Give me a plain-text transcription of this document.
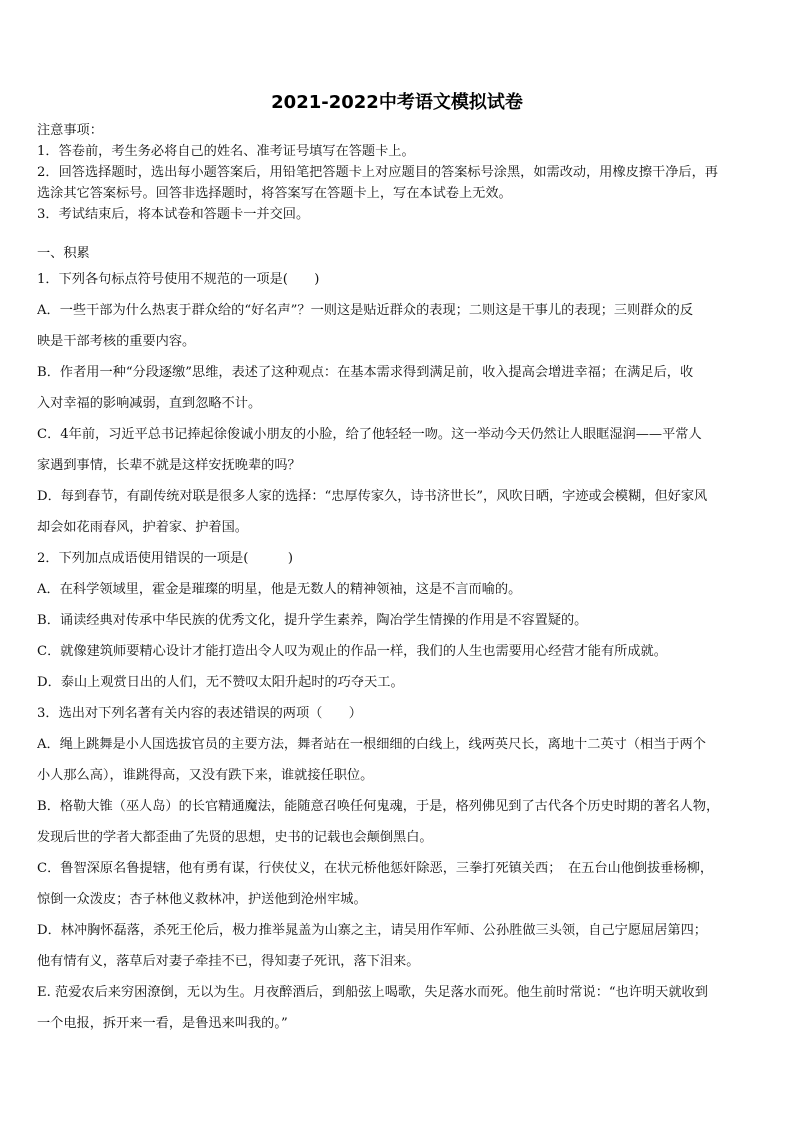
2021-2022中考语文模拟试卷
注意事项：
1．答卷前，考生务必将自己的姓名、准考证号填写在答题卡上。
2．回答选择题时，选出每小题答案后，用铅笔把答题卡上对应题目的答案标号涂黑，如需改动，用橡皮擦干净后，再
选涂其它答案标号。回答非选择题时，将答案写在答题卡上，写在本试卷上无效。
3．考试结束后，将本试卷和答题卡一并交回。
一、积累
1．下列各句标点符号使用不规范的一项是(　　)
A．一些干部为什么热衷于群众给的“好名声”？一则这是贴近群众的表现；二则这是干事儿的表现；三则群众的反
映是干部考核的重要内容。
B．作者用一种“分段逐缴”思维，表述了这种观点：在基本需求得到满足前，收入提高会增进幸福；在满足后，收
入对幸福的影响减弱，直到忽略不计。
C．4年前，习近平总书记捧起徐俊诚小朋友的小脸，给了他轻轻一吻。这一举动今天仍然让人眼眶湿润——平常人
家遇到事情，长辈不就是这样安抚晚辈的吗？
D．每到春节，有副传统对联是很多人家的选择：“忠厚传家久，诗书济世长”，风吹日晒，字迹或会模糊，但好家风
却会如花雨春风，护着家、护着国。
2．下列加点成语使用错误的一项是(　　　)
A．在科学领域里，霍金是璀璨的明星，他是无数人的精神领袖，这是不言而喻的。
B．诵读经典对传承中华民族的优秀文化，提升学生素养，陶冶学生情操的作用是不容置疑的。
C．就像建筑师要精心设计才能打造出令人叹为观止的作品一样，我们的人生也需要用心经营才能有所成就。
D．泰山上观赏日出的人们，无不赞叹太阳升起时的巧夺天工。
3．选出对下列名著有关内容的表述错误的两项（　　）
A．绳上跳舞是小人国选拔官员的主要方法，舞者站在一根细细的白线上，线两英尺长，离地十二英寸（相当于两个
小人那么高），谁跳得高，又没有跌下来，谁就接任职位。
B．格勒大锥（巫人岛）的长官精通魔法，能随意召唤任何鬼魂，于是，格列佛见到了古代各个历史时期的著名人物，
发现后世的学者大都歪曲了先贤的思想，史书的记载也会颠倒黑白。
C．鲁智深原名鲁提辖，他有勇有谋，行侠仗义，在状元桥他惩奸除恶，三拳打死镇关西；　在五台山他倒拔垂杨柳，
惊倒一众泼皮；杏子林他义救林冲，护送他到沧州牢城。
D．林冲胸怀磊落，杀死王伦后，极力推举晁盖为山寨之主，请吴用作军师、公孙胜做三头领，自己宁愿屈居第四；
他有情有义，落草后对妻子牵挂不已，得知妻子死讯，落下泪来。
E. 范爱农后来穷困潦倒，无以为生。月夜醉酒后，到船弦上喝歌，失足落水而死。他生前时常说：“也许明天就收到
一个电报，拆开来一看，是鲁迅来叫我的。”
